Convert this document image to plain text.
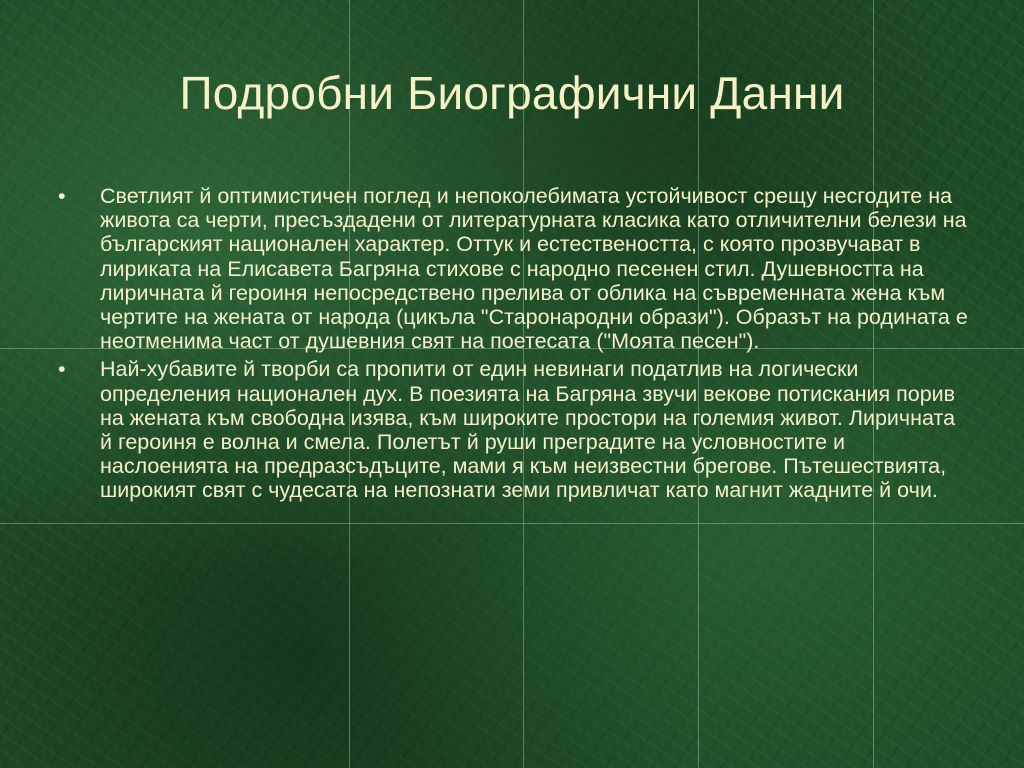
Подробни Биографични Данни
• Светлият й оптимистичен поглед и непоколебимата устойчивост срещу несгодите на живота са черти, пресъздадени от литературната класика като отличителни белези на българският национален характер. Оттук и естествеността, с която прозвучават в лириката на Елисавета Багряна стихове с народно песенен стил. Душевността на лиричната й героиня непосредствено прелива от облика на съвременната жена към чертите на жената от народа (цикъла "Старонародни образи"). Образът на родината е неотменима част от душевния свят на поетесата ("Моята песен").
• Най-хубавите й творби са пропити от един невинаги податлив на логически определения национален дух. В поезията на Багряна звучи векове потискания порив на жената към свободна изява, към широките простори на големия живот. Лиричната й героиня е волна и смела. Полетът й руши преградите на условностите и наслоенията на предразсъдъците, мами я към неизвестни брегове. Пътешествията, широкият свят с чудесата на непознати земи привличат като магнит жадните й очи.
